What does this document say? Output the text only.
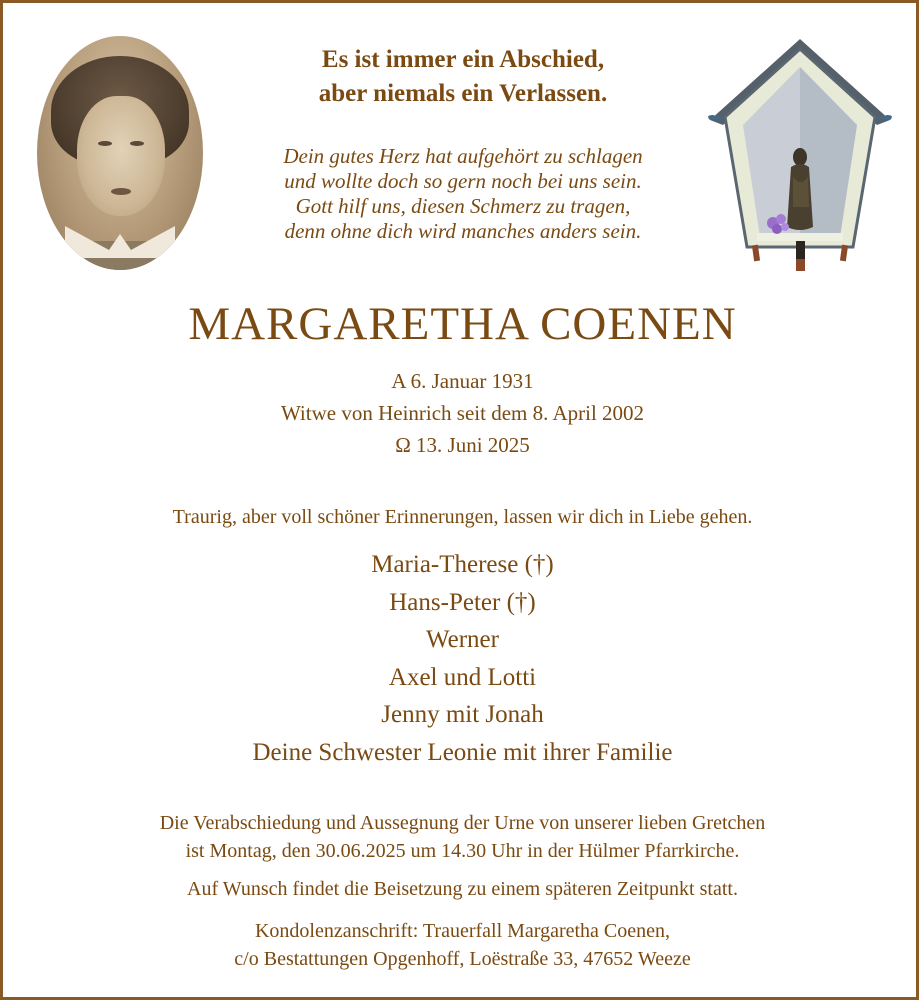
Es ist immer ein Abschied,
aber niemals ein Verlassen.
Dein gutes Herz hat aufgehört zu schlagen
und wollte doch so gern noch bei uns sein.
Gott hilf uns, diesen Schmerz zu tragen,
denn ohne dich wird manches anders sein.
MARGARETHA COENEN
A 6. Januar 1931
Witwe von Heinrich seit dem 8. April 2002
Ω 13. Juni 2025
Traurig, aber voll schöner Erinnerungen, lassen wir dich in Liebe gehen.
Maria-Therese (†)
Hans-Peter (†)
Werner
Axel und Lotti
Jenny mit Jonah
Deine Schwester Leonie mit ihrer Familie
Die Verabschiedung und Aussegnung der Urne von unserer lieben Gretchen
ist Montag, den 30.06.2025 um 14.30 Uhr in der Hülmer Pfarrkirche.
Auf Wunsch findet die Beisetzung zu einem späteren Zeitpunkt statt.
Kondolenzanschrift: Trauerfall Margaretha Coenen,
c/o Bestattungen Opgenhoff, Loëstraße 33, 47652 Weeze
